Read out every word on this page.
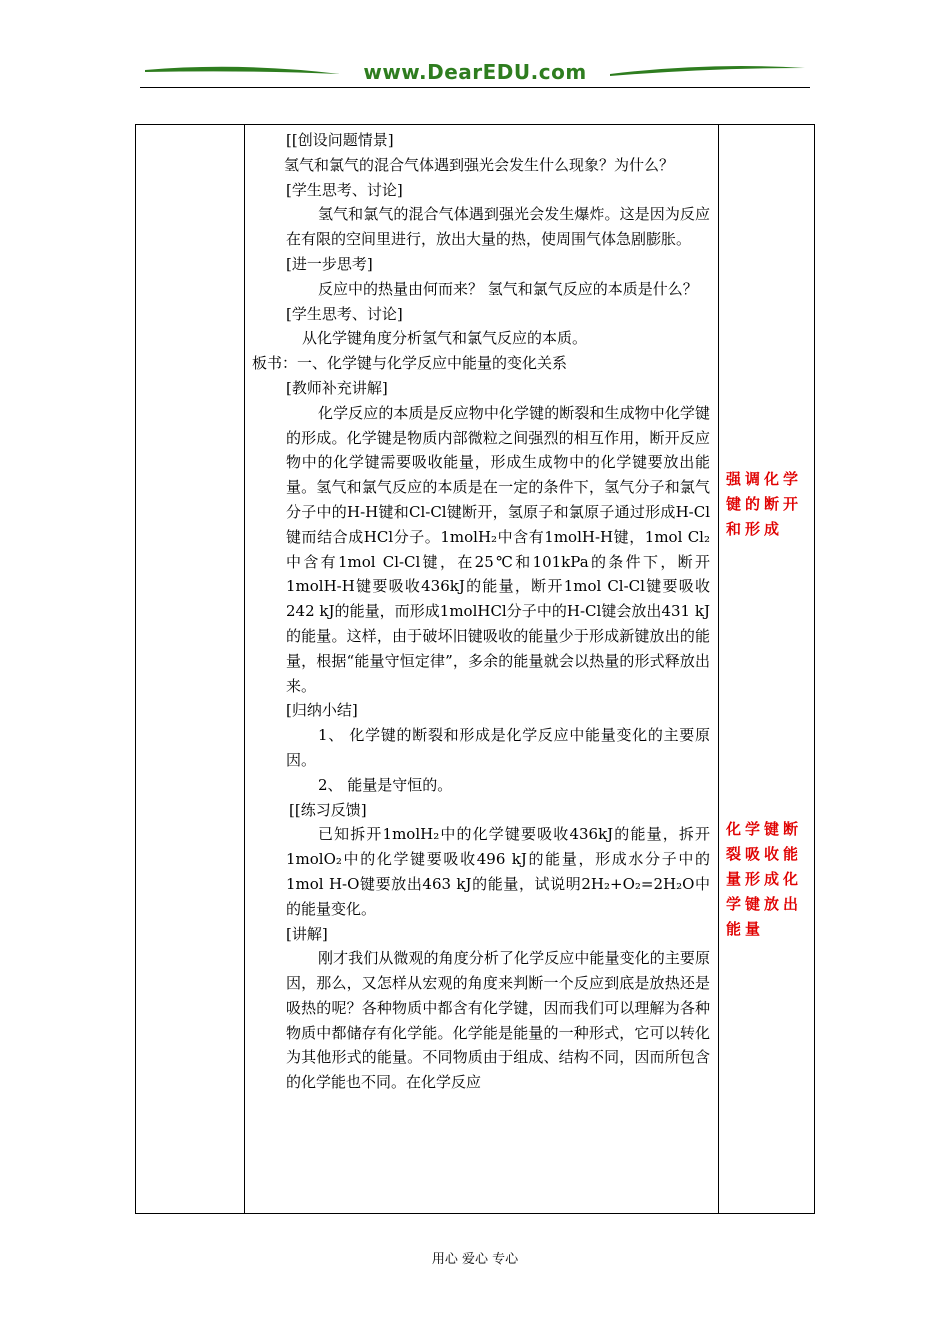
www.DearEDU.com

[[创设问题情景]

氢气和氯气的混合气体遇到强光会发生什么现象？为什么？

[学生思考、讨论]

氢气和氯气的混合气体遇到强光会发生爆炸。这是因为反应在有限的空间里进行，放出大量的热，使周围气体急剧膨胀。

[进一步思考]

反应中的热量由何而来？ 氢气和氯气反应的本质是什么？

[学生思考、讨论]

从化学键角度分析氢气和氯气反应的本质。

板书：一、化学键与化学反应中能量的变化关系

[教师补充讲解]

化学反应的本质是反应物中化学键的断裂和生成物中化学键的形成。化学键是物质内部微粒之间强烈的相互作用，断开反应物中的化学键需要吸收能量，形成生成物中的化学键要放出能量。氢气和氯气反应的本质是在一定的条件下，氢气分子和氯气分子中的H-H键和Cl-Cl键断开，氢原子和氯原子通过形成H-Cl键而结合成HCl分子。1molH₂中含有1molH-H键，1mol Cl₂中含有1mol Cl-Cl键，在25℃和101kPa的条件下，断开1molH-H键要吸收436kJ的能量，断开1mol Cl-Cl键要吸收242 kJ的能量，而形成1molHCl分子中的H-Cl键会放出431 kJ的能量。这样，由于破坏旧键吸收的能量少于形成新键放出的能量，根据“能量守恒定律”，多余的能量就会以热量的形式释放出来。

[归纳小结]

1、 化学键的断裂和形成是化学反应中能量变化的主要原因。

2、 能量是守恒的。

[[练习反馈]

已知拆开1molH₂中的化学键要吸收436kJ的能量，拆开1molO₂中的化学键要吸收496 kJ的能量，形成水分子中的1mol H-O键要放出463 kJ的能量，试说明2H₂+O₂=2H₂O中的能量变化。

[讲解]

刚才我们从微观的角度分析了化学反应中能量变化的主要原因，那么，又怎样从宏观的角度来判断一个反应到底是放热还是吸热的呢？各种物质中都含有化学键，因而我们可以理解为各种物质中都储存有化学能。化学能是能量的一种形式，它可以转化为其他形式的能量。不同物质由于组成、结构不同，因而所包含的化学能也不同。在化学反应

强调化学键的断开和形成
化学键断裂吸收能量形成化学键放出能量
用心 爱心 专心
